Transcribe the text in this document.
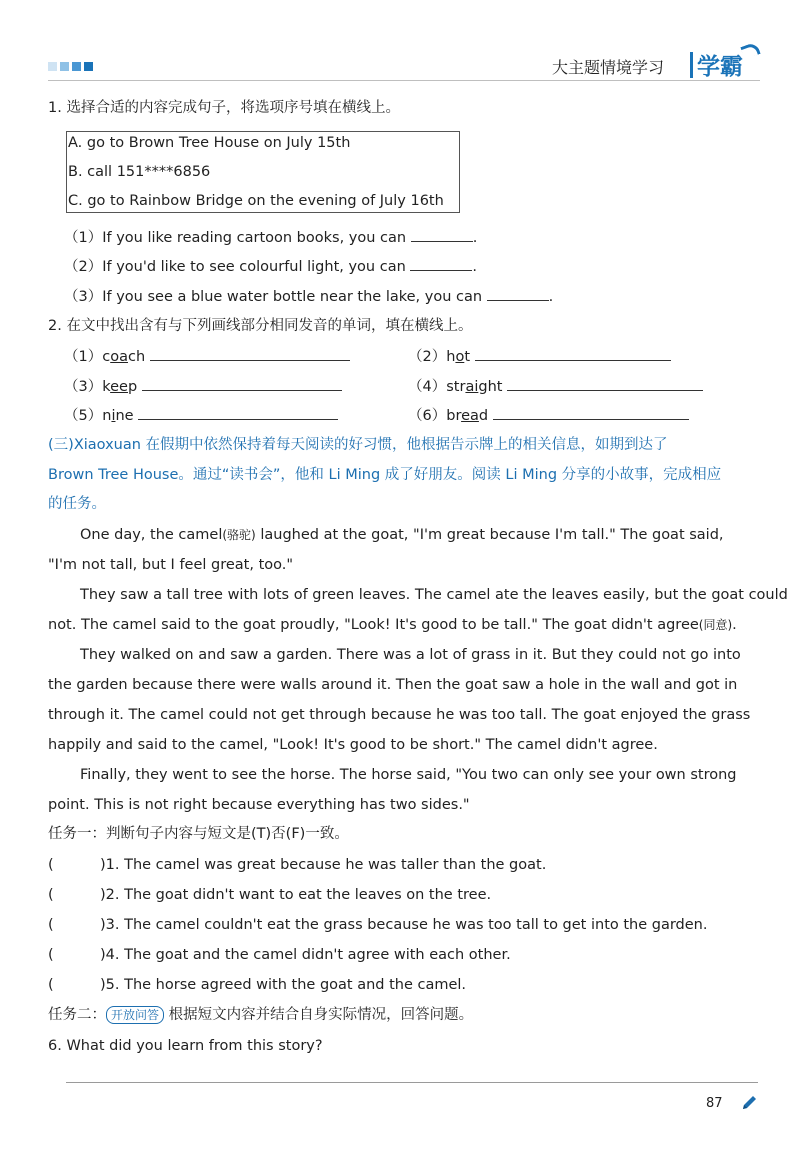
大主题情境学习 学霸
1. 选择合适的内容完成句子，将选项序号填在横线上。
A. go to Brown Tree House on July 15th
B. call 151****6856
C. go to Rainbow Bridge on the evening of July 16th
（1）If you like reading cartoon books, you can	.
（2）If you'd like to see colourful light, you can	.
（3）If you see a blue water bottle near the lake, you can	.
2. 在文中找出含有与下列画线部分相同发音的单词，填在横线上。
（1）coach	（2）hot
（3）keep	（4）straight
（5）nine	（6）bread
(三)Xiaoxuan 在假期中依然保持着每天阅读的好习惯，他根据告示牌上的相关信息，如期到达了
Brown Tree House。通过“读书会”，他和 Li Ming 成了好朋友。阅读 Li Ming 分享的小故事，完成相应
的任务。
One day, the camel(骆驼) laughed at the goat, "I'm great because I'm tall." The goat said,
"I'm not tall, but I feel great, too."
They saw a tall tree with lots of green leaves. The camel ate the leaves easily, but the goat could
not. The camel said to the goat proudly, "Look! It's good to be tall." The goat didn't agree(同意).
They walked on and saw a garden. There was a lot of grass in it. But they could not go into
the garden because there were walls around it. Then the goat saw a hole in the wall and got in
through it. The camel could not get through because he was too tall. The goat enjoyed the grass
happily and said to the camel, "Look! It's good to be short." The camel didn't agree.
Finally, they went to see the horse. The horse said, "You two can only see your own strong
point. This is not right because everything has two sides."
任务一：判断句子内容与短文是(T)否(F)一致。
(	)1. The camel was great because he was taller than the goat.
(	)2. The goat didn't want to eat the leaves on the tree.
(	)3. The camel couldn't eat the grass because he was too tall to get into the garden.
(	)4. The goat and the camel didn't agree with each other.
(	)5. The horse agreed with the goat and the camel.
任务二： 开放问答 根据短文内容并结合自身实际情况，回答问题。
6. What did you learn from this story?
87
